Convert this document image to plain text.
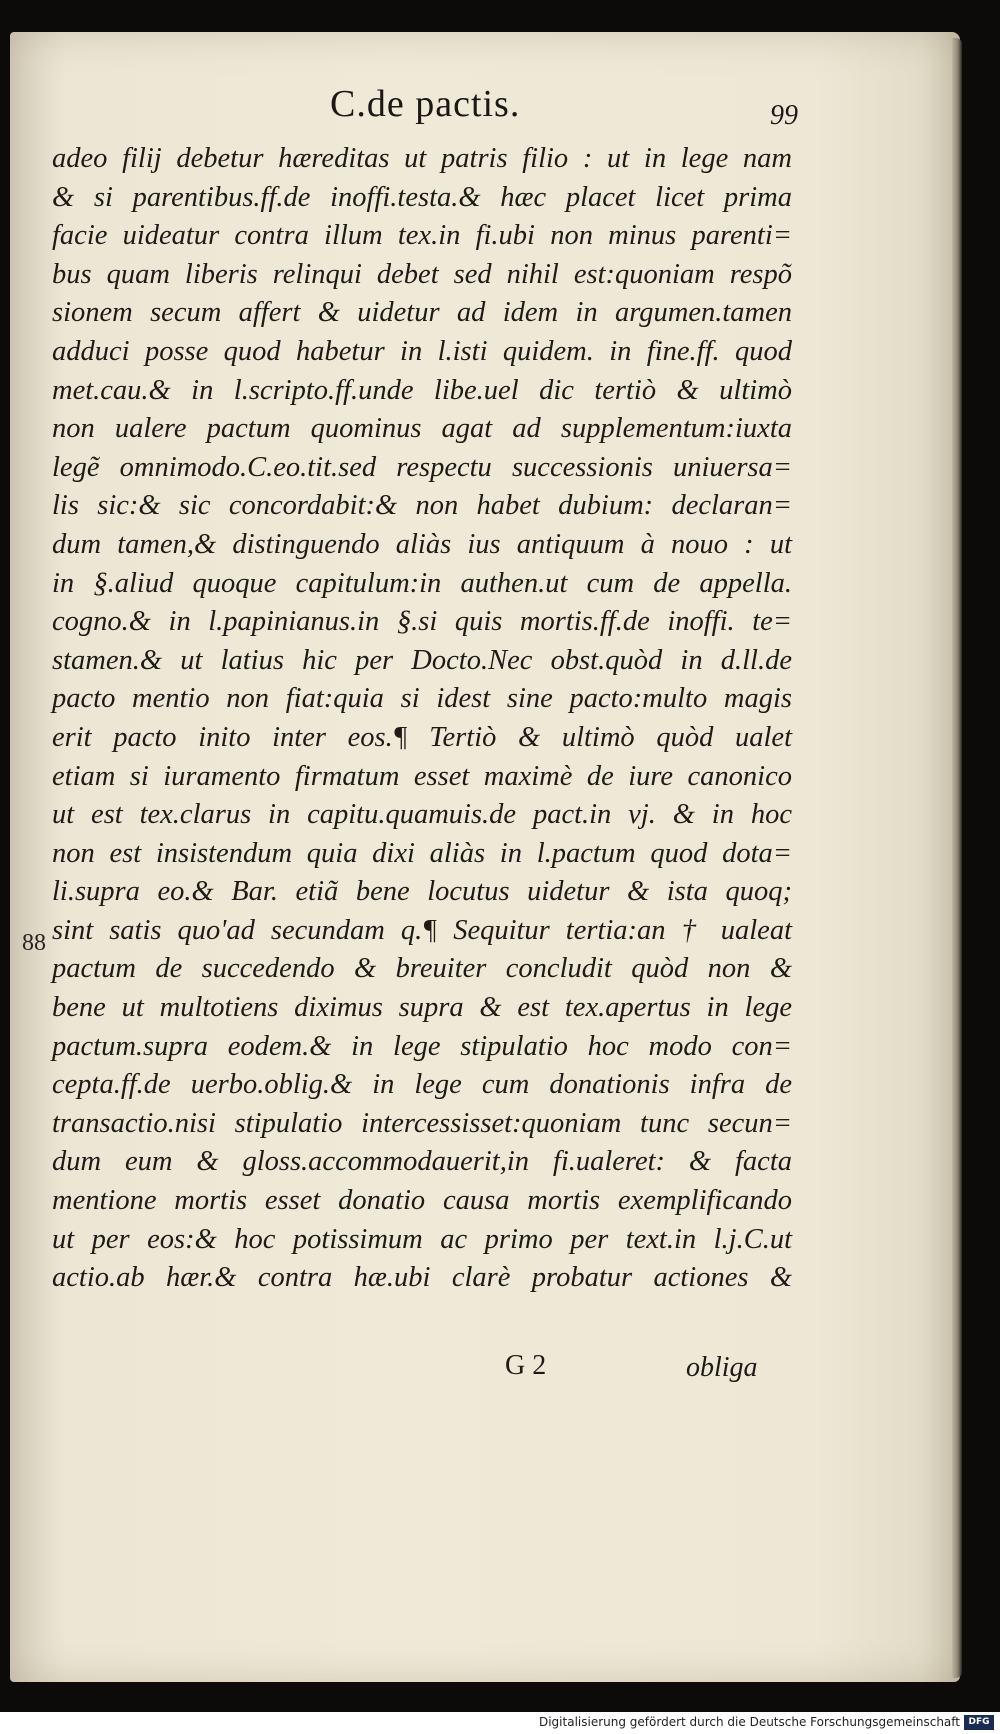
C.de pactis.	99
88
adeo filij debetur hæreditas ut patris filio : ut in lege nam
& si parentibus.ff.de inoffi.testa.& hæc placet licet prima
facie uideatur contra illum tex.in fi.ubi non minus parenti=
bus quam liberis relinqui debet sed nihil est:quoniam respõ
sionem secum affert & uidetur ad idem in argumen.tamen
adduci posse quod habetur in l.isti quidem. in fine.ff. quod
met.cau.& in l.scripto.ff.unde libe.uel dic tertiò & ultimò
non ualere pactum quominus agat ad supplementum:iuxta
legẽ omnimodo.C.eo.tit.sed respectu successionis uniuersa=
lis sic:& sic concordabit:& non habet dubium: declaran=
dum tamen,& distinguendo aliàs ius antiquum à nouo : ut
in §.aliud quoque capitulum:in authen.ut cum de appella.
cogno.& in l.papinianus.in §.si quis mortis.ff.de inoffi. te=
stamen.& ut latius hic per Docto.Nec obst.quòd in d.ll.de
pacto mentio non fiat:quia si idest sine pacto:multo magis
erit pacto inito inter eos.¶ Tertiò & ultimò quòd ualet
etiam si iuramento firmatum esset maximè de iure canonico
ut est tex.clarus in capitu.quamuis.de pact.in vj. & in hoc
non est insistendum quia dixi aliàs in l.pactum quod dota=
li.supra eo.& Bar. etiã bene locutus uidetur & ista quoq;
sint satis quo'ad secundam q.¶ Sequitur tertia:an † ualeat
pactum de succedendo & breuiter concludit quòd non &
bene ut multotiens diximus supra & est tex.apertus in lege
pactum.supra eodem.& in lege stipulatio hoc modo con=
cepta.ff.de uerbo.oblig.& in lege cum donationis infra de
transactio.nisi stipulatio intercessisset:quoniam tunc secun=
dum eum & gloss.accommodauerit,in fi.ualeret: & facta
mentione mortis esset donatio causa mortis exemplificando
ut per eos:& hoc potissimum ac primo per text.in l.j.C.ut
actio.ab hær.& contra hæ.ubi clarè probatur actiones &
G 2	obliga
Digitalisierung gefördert durch die Deutsche Forschungsgemeinschaft DFG
